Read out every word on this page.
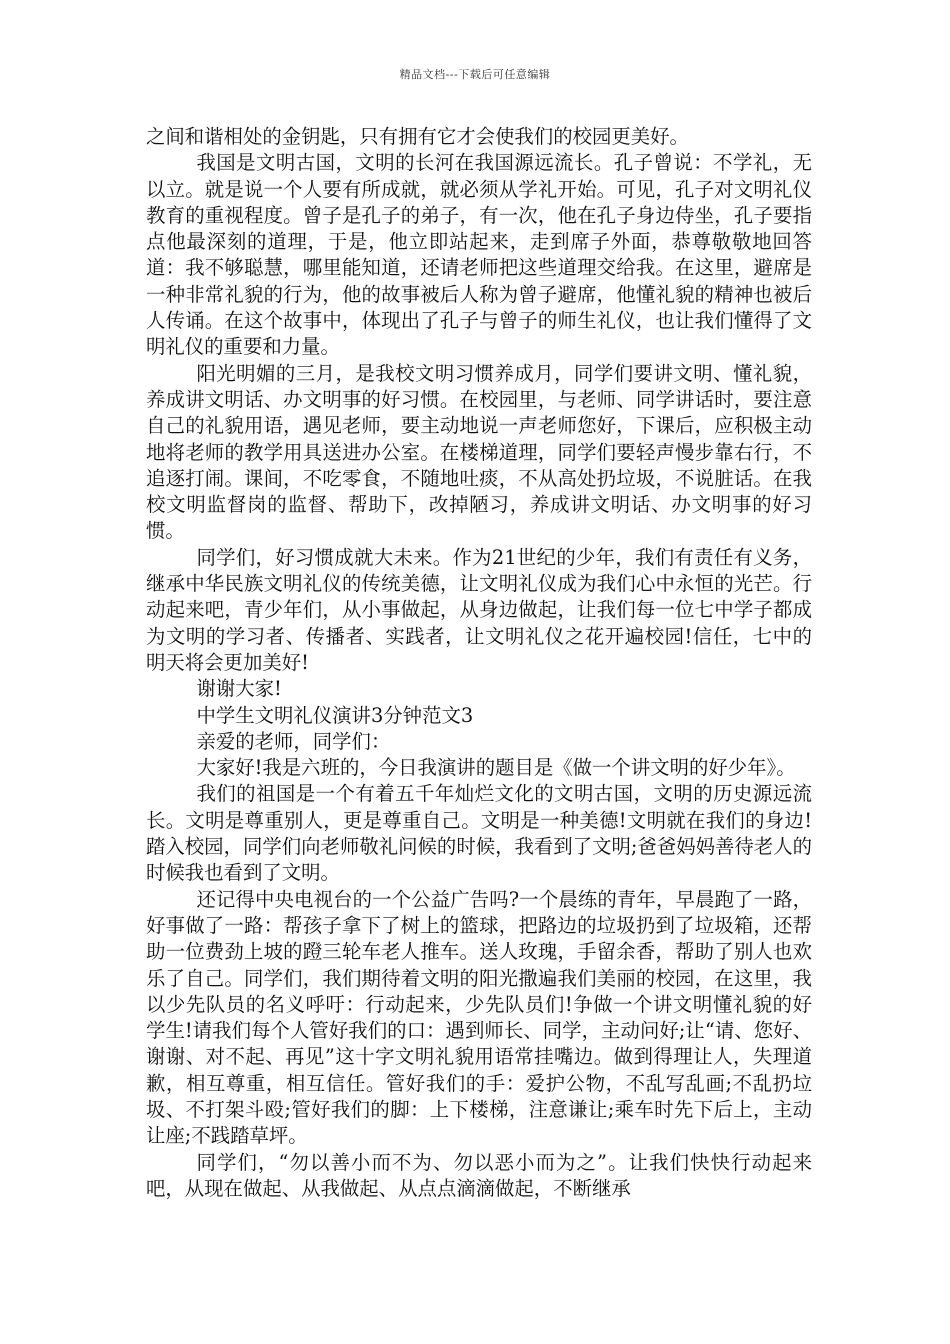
精品文档---下载后可任意编辑

之间和谐相处的金钥匙，只有拥有它才会使我们的校园更美好。

我国是文明古国，文明的长河在我国源远流长。孔子曾说：不学礼，无以立。就是说一个人要有所成就，就必须从学礼开始。可见，孔子对文明礼仪教育的重视程度。曾子是孔子的弟子，有一次，他在孔子身边侍坐，孔子要指点他最深刻的道理，于是，他立即站起来，走到席子外面，恭尊敬敬地回答道：我不够聪慧，哪里能知道，还请老师把这些道理交给我。在这里，避席是一种非常礼貌的行为，他的故事被后人称为曾子避席，他懂礼貌的精神也被后人传诵。在这个故事中，体现出了孔子与曾子的师生礼仪，也让我们懂得了文明礼仪的重要和力量。

阳光明媚的三月，是我校文明习惯养成月，同学们要讲文明、懂礼貌，养成讲文明话、办文明事的好习惯。在校园里，与老师、同学讲话时，要注意自己的礼貌用语，遇见老师，要主动地说一声老师您好，下课后，应积极主动地将老师的教学用具送进办公室。在楼梯道理，同学们要轻声慢步靠右行，不追逐打闹。课间，不吃零食，不随地吐痰，不从高处扔垃圾，不说脏话。在我校文明监督岗的监督、帮助下，改掉陋习，养成讲文明话、办文明事的好习惯。

同学们，好习惯成就大未来。作为21世纪的少年，我们有责任有义务，继承中华民族文明礼仪的传统美德，让文明礼仪成为我们心中永恒的光芒。行动起来吧，青少年们，从小事做起，从身边做起，让我们每一位七中学子都成为文明的学习者、传播者、实践者，让文明礼仪之花开遍校园!信任，七中的明天将会更加美好!

谢谢大家!

中学生文明礼仪演讲3分钟范文3

亲爱的老师，同学们：

大家好!我是六班的，今日我演讲的题目是《做一个讲文明的好少年》。

我们的祖国是一个有着五千年灿烂文化的文明古国，文明的历史源远流长。文明是尊重别人，更是尊重自己。文明是一种美德!文明就在我们的身边!踏入校园，同学们向老师敬礼问候的时候，我看到了文明;爸爸妈妈善待老人的时候我也看到了文明。

还记得中央电视台的一个公益广告吗?一个晨练的青年，早晨跑了一路，好事做了一路：帮孩子拿下了树上的篮球，把路边的垃圾扔到了垃圾箱，还帮助一位费劲上坡的蹬三轮车老人推车。送人玫瑰，手留余香，帮助了别人也欢乐了自己。同学们，我们期待着文明的阳光撒遍我们美丽的校园，在这里，我以少先队员的名义呼吁：行动起来，少先队员们!争做一个讲文明懂礼貌的好学生!请我们每个人管好我们的口：遇到师长、同学，主动问好;让“请、您好、谢谢、对不起、再见”这十字文明礼貌用语常挂嘴边。做到得理让人，失理道歉，相互尊重，相互信任。管好我们的手：爱护公物，不乱写乱画;不乱扔垃圾、不打架斗殴;管好我们的脚：上下楼梯，注意谦让;乘车时先下后上，主动让座;不践踏草坪。

同学们，“勿以善小而不为、勿以恶小而为之”。让我们快快行动起来吧，从现在做起、从我做起、从点点滴滴做起，不断继承
